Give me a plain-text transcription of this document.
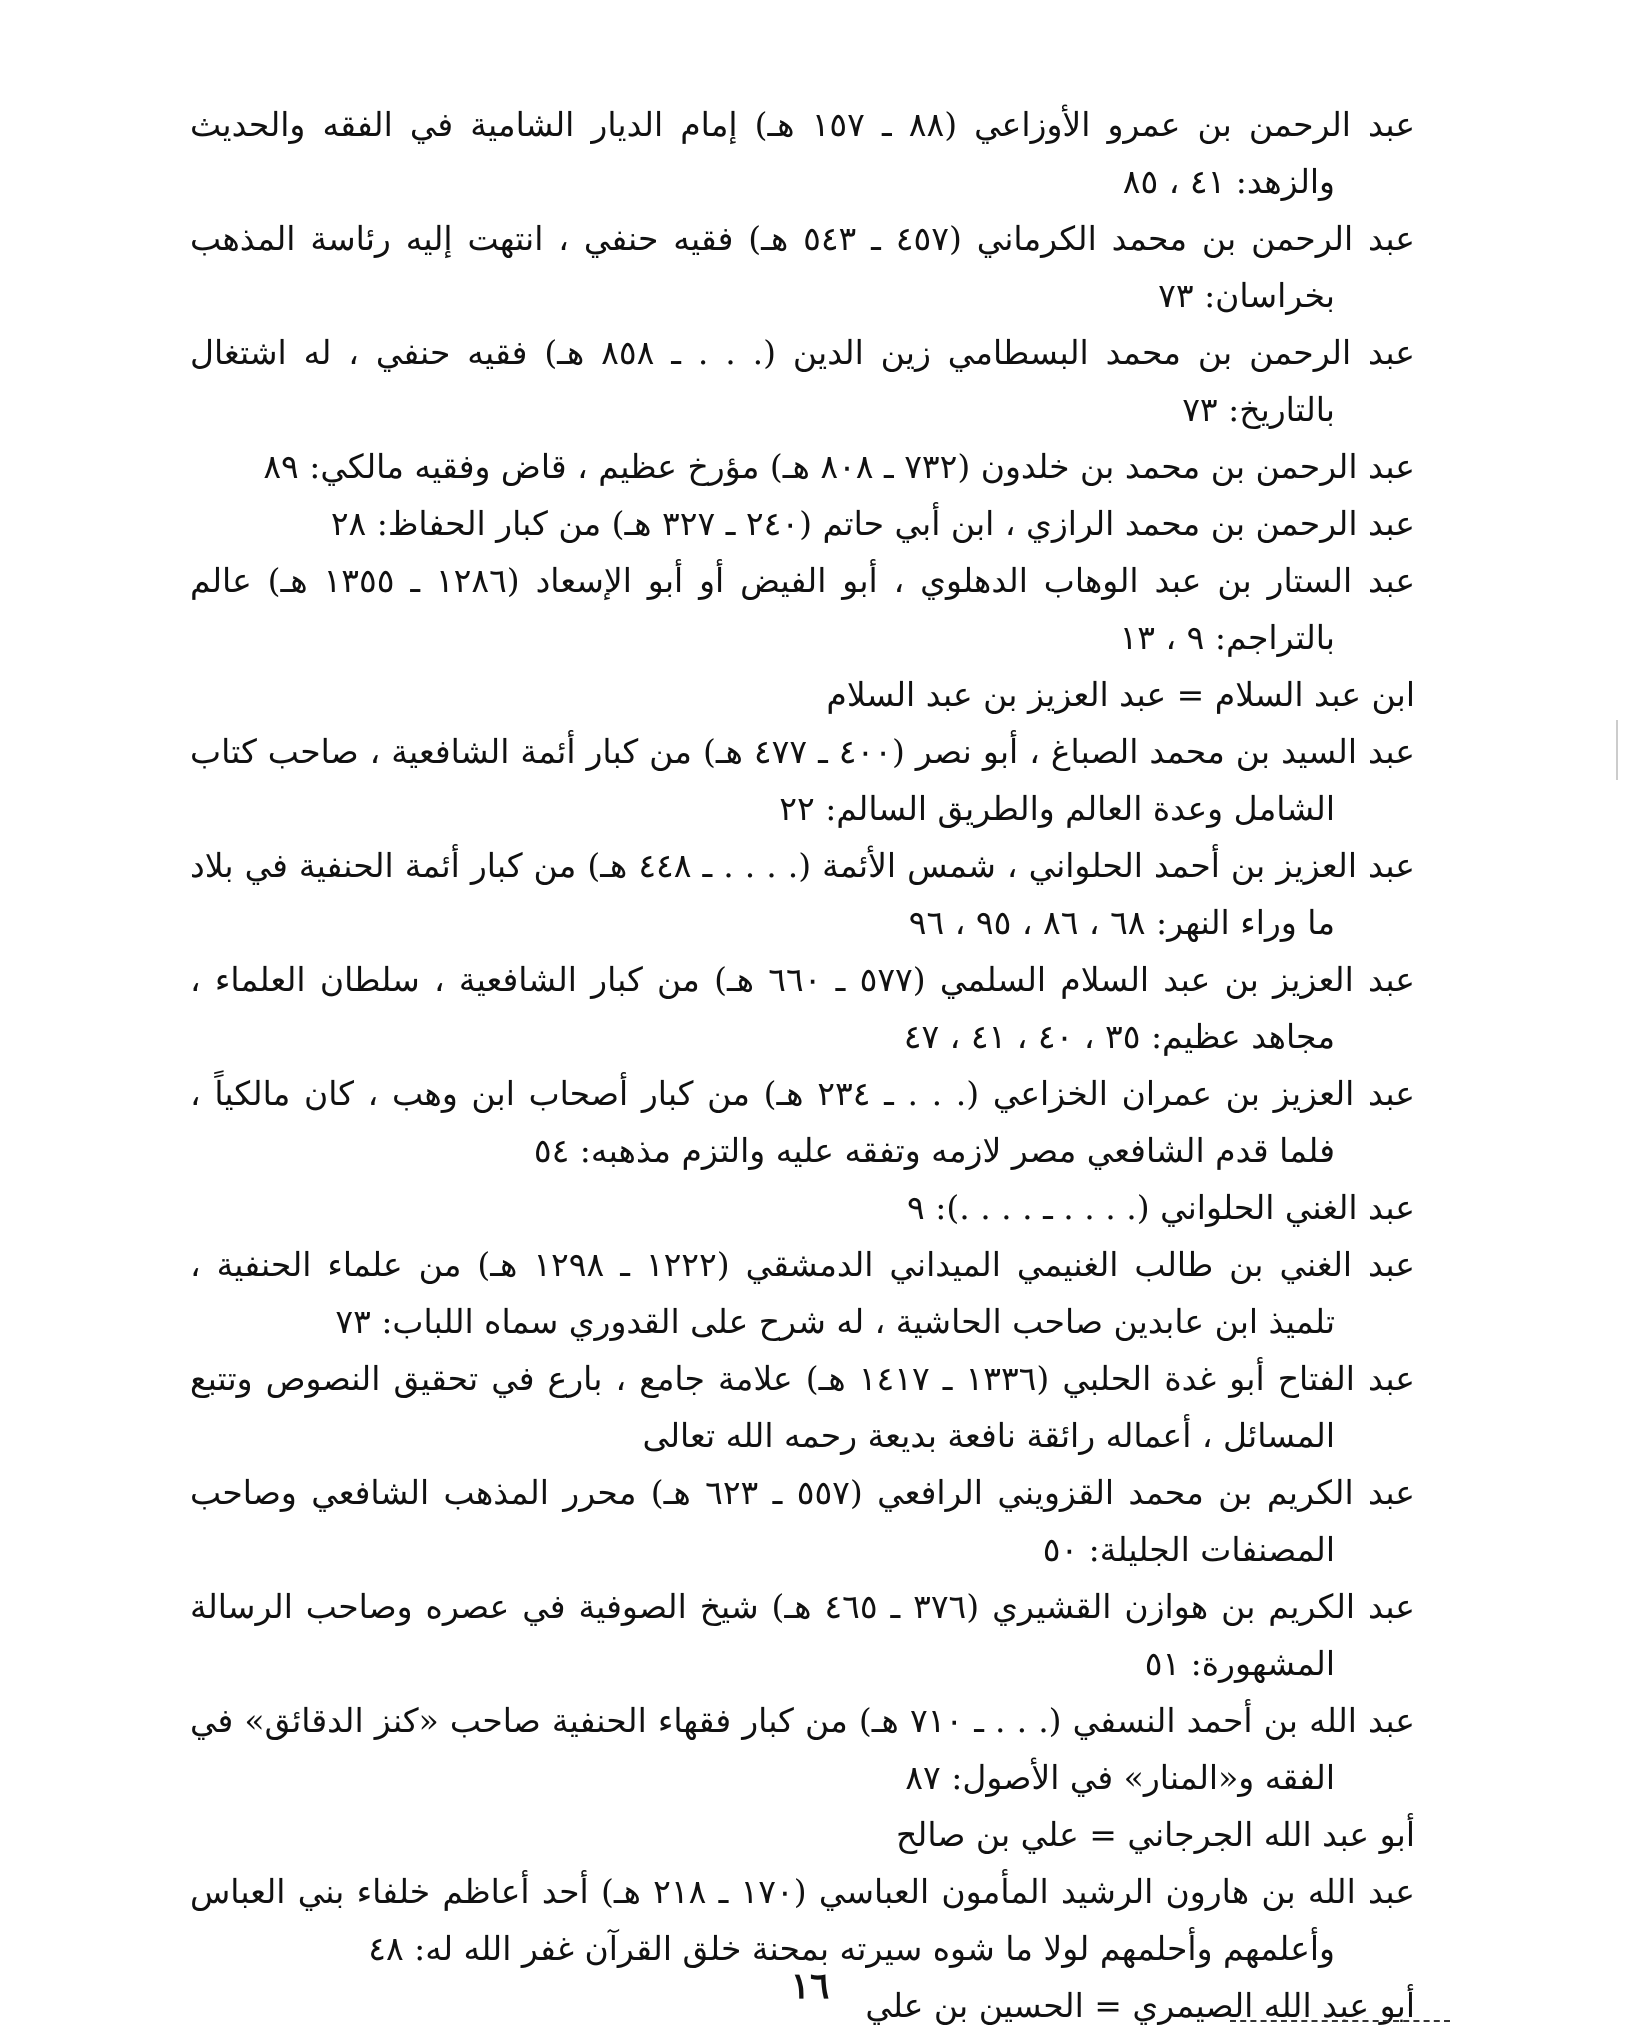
عبد الرحمن بن عمرو الأوزاعي (٨٨ ـ ١٥٧ هـ) إمام الديار الشامية في الفقه والحديث والزهد: ٤١ ، ٨٥

عبد الرحمن بن محمد الكرماني (٤٥٧ ـ ٥٤٣ هـ) فقيه حنفي ، انتهت إليه رئاسة المذهب بخراسان: ٧٣

عبد الرحمن بن محمد البسطامي زين الدين (. . . ـ ٨٥٨ هـ) فقيه حنفي ، له اشتغال بالتاريخ: ٧٣

عبد الرحمن بن محمد بن خلدون (٧٣٢ ـ ٨٠٨ هـ) مؤرخ عظيم ، قاض وفقيه مالكي: ٨٩

عبد الرحمن بن محمد الرازي ، ابن أبي حاتم (٢٤٠ ـ ٣٢٧ هـ) من كبار الحفاظ: ٢٨

عبد الستار بن عبد الوهاب الدهلوي ، أبو الفيض أو أبو الإسعاد (١٢٨٦ ـ ١٣٥٥ هـ) عالم بالتراجم: ٩ ، ١٣

ابن عبد السلام = عبد العزيز بن عبد السلام

عبد السيد بن محمد الصباغ ، أبو نصر (٤٠٠ ـ ٤٧٧ هـ) من كبار أئمة الشافعية ، صاحب كتاب الشامل وعدة العالم والطريق السالم: ٢٢

عبد العزيز بن أحمد الحلواني ، شمس الأئمة (. . . . ـ ٤٤٨ هـ) من كبار أئمة الحنفية في بلاد ما وراء النهر: ٦٨ ، ٨٦ ، ٩٥ ، ٩٦

عبد العزيز بن عبد السلام السلمي (٥٧٧ ـ ٦٦٠ هـ) من كبار الشافعية ، سلطان العلماء ، مجاهد عظيم: ٣٥ ، ٤٠ ، ٤١ ، ٤٧

عبد العزيز بن عمران الخزاعي (. . . ـ ٢٣٤ هـ) من كبار أصحاب ابن وهب ، كان مالكياً ، فلما قدم الشافعي مصر لازمه وتفقه عليه والتزم مذهبه: ٥٤

عبد الغني الحلواني (. . . . ـ . . . .): ٩

عبد الغني بن طالب الغنيمي الميداني الدمشقي (١٢٢٢ ـ ١٢٩٨ هـ) من علماء الحنفية ، تلميذ ابن عابدين صاحب الحاشية ، له شرح على القدوري سماه اللباب: ٧٣

عبد الفتاح أبو غدة الحلبي (١٣٣٦ ـ ١٤١٧ هـ) علامة جامع ، بارع في تحقيق النصوص وتتبع المسائل ، أعماله رائقة نافعة بديعة رحمه الله تعالى

عبد الكريم بن محمد القزويني الرافعي (٥٥٧ ـ ٦٢٣ هـ) محرر المذهب الشافعي وصاحب المصنفات الجليلة: ٥٠

عبد الكريم بن هوازن القشيري (٣٧٦ ـ ٤٦٥ هـ) شيخ الصوفية في عصره وصاحب الرسالة المشهورة: ٥١

عبد الله بن أحمد النسفي (. . . ـ ٧١٠ هـ) من كبار فقهاء الحنفية صاحب «كنز الدقائق» في الفقه و«المنار» في الأصول: ٨٧

أبو عبد الله الجرجاني = علي بن صالح

عبد الله بن هارون الرشيد المأمون العباسي (١٧٠ ـ ٢١٨ هـ) أحد أعاظم خلفاء بني العباس وأعلمهم وأحلمهم لولا ما شوه سيرته بمحنة خلق القرآن غفر الله له: ٤٨

أبو عبد الله الصيمري = الحسين بن علي

١٦
